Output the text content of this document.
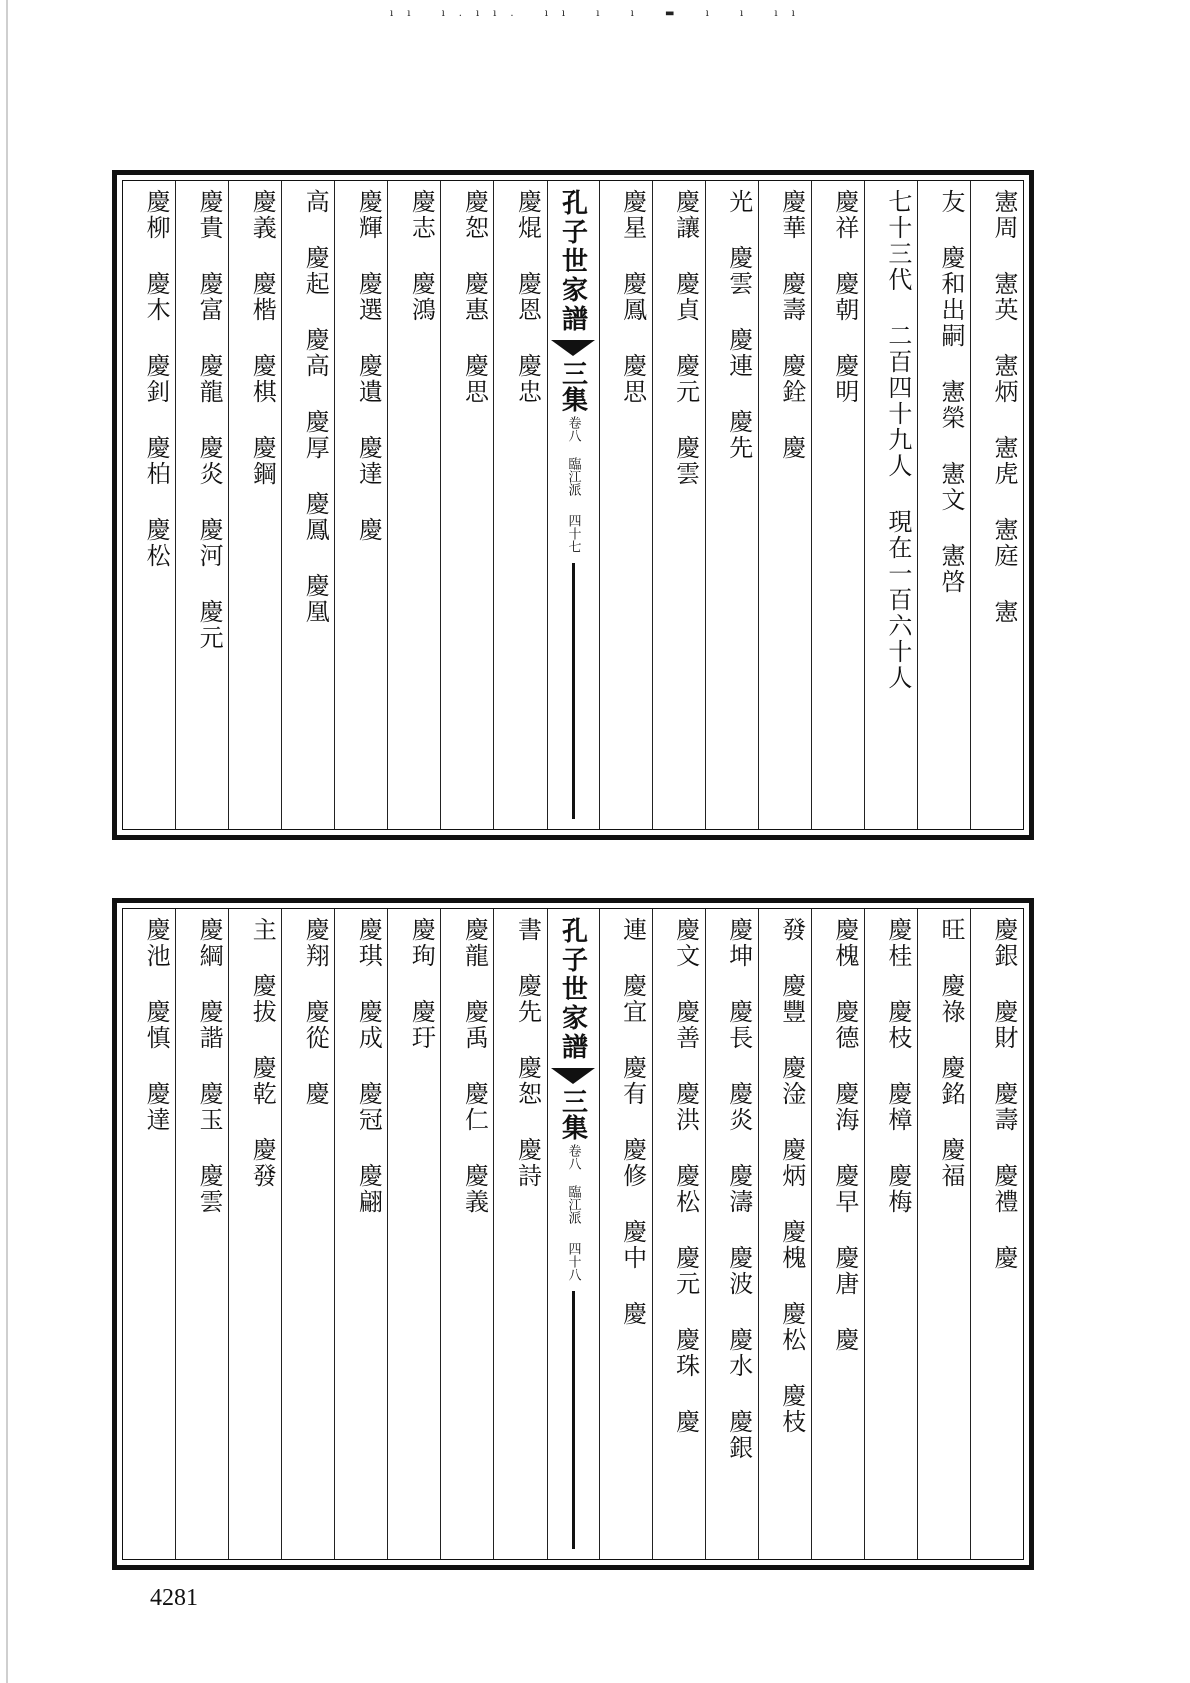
ıı ı.ıı. ıı ı ı ▬ ı ı ıı
憲周 憲英 憲炳 憲虎 憲庭 憲
友 慶和出嗣 憲榮 憲文 憲啓
七十三代 二百四十九人 現在一百六十人
慶祥 慶朝 慶明
慶華 慶壽 慶銓 慶
光 慶雲 慶連 慶先
慶讓 慶貞 慶元 慶雲
慶星 慶鳳 慶思
孔子世家譜
三集
卷八 臨江派
四十七
慶焜 慶恩 慶忠
慶恕 慶惠 慶思
慶志 慶鴻
慶輝 慶選 慶遺 慶達 慶
高 慶起 慶高 慶厚 慶鳳 慶凰
慶義 慶楷 慶棋 慶鋼
慶貴 慶富 慶龍 慶炎 慶河 慶元
慶柳 慶木 慶釗 慶柏 慶松
慶銀 慶財 慶壽 慶禮 慶
旺 慶祿 慶銘 慶福
慶桂 慶枝 慶樟 慶梅
慶槐 慶德 慶海 慶早 慶唐 慶
發 慶豐 慶淦 慶炳 慶槐 慶松 慶枝
慶坤 慶長 慶炎 慶濤 慶波 慶水 慶銀
慶文 慶善 慶洪 慶松 慶元 慶珠 慶
連 慶宜 慶有 慶修 慶中 慶
孔子世家譜
三集
卷八 臨江派
四十八
書 慶先 慶恕 慶詩
慶龍 慶禹 慶仁 慶義
慶珣 慶玗
慶琪 慶成 慶冠 慶翩
慶翔 慶從 慶
主 慶拔 慶乾 慶發
慶綱 慶諧 慶玉 慶雲
慶池 慶慎 慶達
4281
